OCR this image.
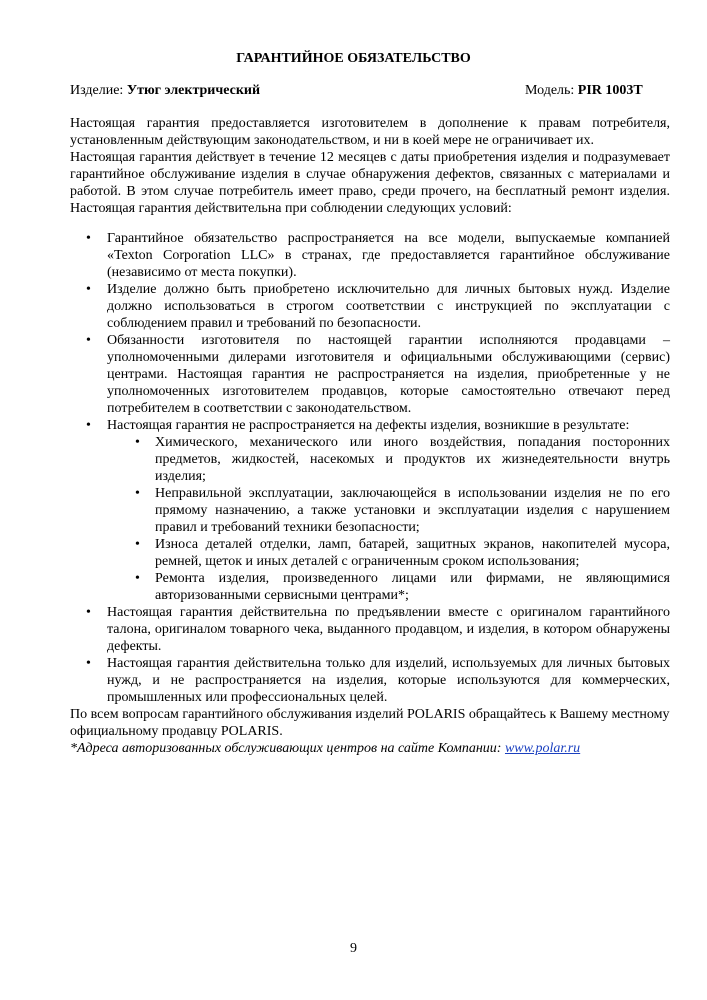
ГАРАНТИЙНОЕ ОБЯЗАТЕЛЬСТВО
Изделие: Утюг электрический	Модель: PIR 1003T

Настоящая гарантия предоставляется изготовителем в дополнение к правам потребителя, установленным действующим законодательством, и ни в коей мере не ограничивает их.

Настоящая гарантия действует в течение 12 месяцев с даты приобретения изделия и подразумевает гарантийное обслуживание изделия в случае обнаружения дефектов, связанных с материалами и работой. В этом случае потребитель имеет право, среди прочего, на бесплатный ремонт изделия. Настоящая гарантия действительна при соблюдении следующих условий:

• Гарантийное обязательство распространяется на все модели, выпускаемые компанией «Texton Corporation LLC» в странах, где предоставляется гарантийное обслуживание (независимо от места покупки).
• Изделие должно быть приобретено исключительно для личных бытовых нужд. Изделие должно использоваться в строгом соответствии с инструкцией по эксплуатации с соблюдением правил и требований по безопасности.
• Обязанности изготовителя по настоящей гарантии исполняются продавцами – уполномоченными дилерами изготовителя и официальными обслуживающими (сервис) центрами. Настоящая гарантия не распространяется на изделия, приобретенные у не уполномоченных изготовителем продавцов, которые самостоятельно отвечают перед потребителем в соответствии с законодательством.
• Настоящая гарантия не распространяется на дефекты изделия, возникшие в результате:
• Химического, механического или иного воздействия, попадания посторонних предметов, жидкостей, насекомых и продуктов их жизнедеятельности внутрь изделия;
• Неправильной эксплуатации, заключающейся в использовании изделия не по его прямому назначению, а также установки и эксплуатации изделия с нарушением правил и требований техники безопасности;
• Износа деталей отделки, ламп, батарей, защитных экранов, накопителей мусора, ремней, щеток и иных деталей с ограниченным сроком использования;
• Ремонта изделия, произведенного лицами или фирмами, не являющимися авторизованными сервисными центрами*;
• Настоящая гарантия действительна по предъявлении вместе с оригиналом гарантийного талона, оригиналом товарного чека, выданного продавцом, и изделия, в котором обнаружены дефекты.
• Настоящая гарантия действительна только для изделий, используемых для личных бытовых нужд, и не распространяется на изделия, которые используются для коммерческих, промышленных или профессиональных целей.

По всем вопросам гарантийного обслуживания изделий POLARIS обращайтесь к Вашему местному официальному продавцу POLARIS.

*Адреса авторизованных обслуживающих центров на сайте Компании: www.polar.ru

9
